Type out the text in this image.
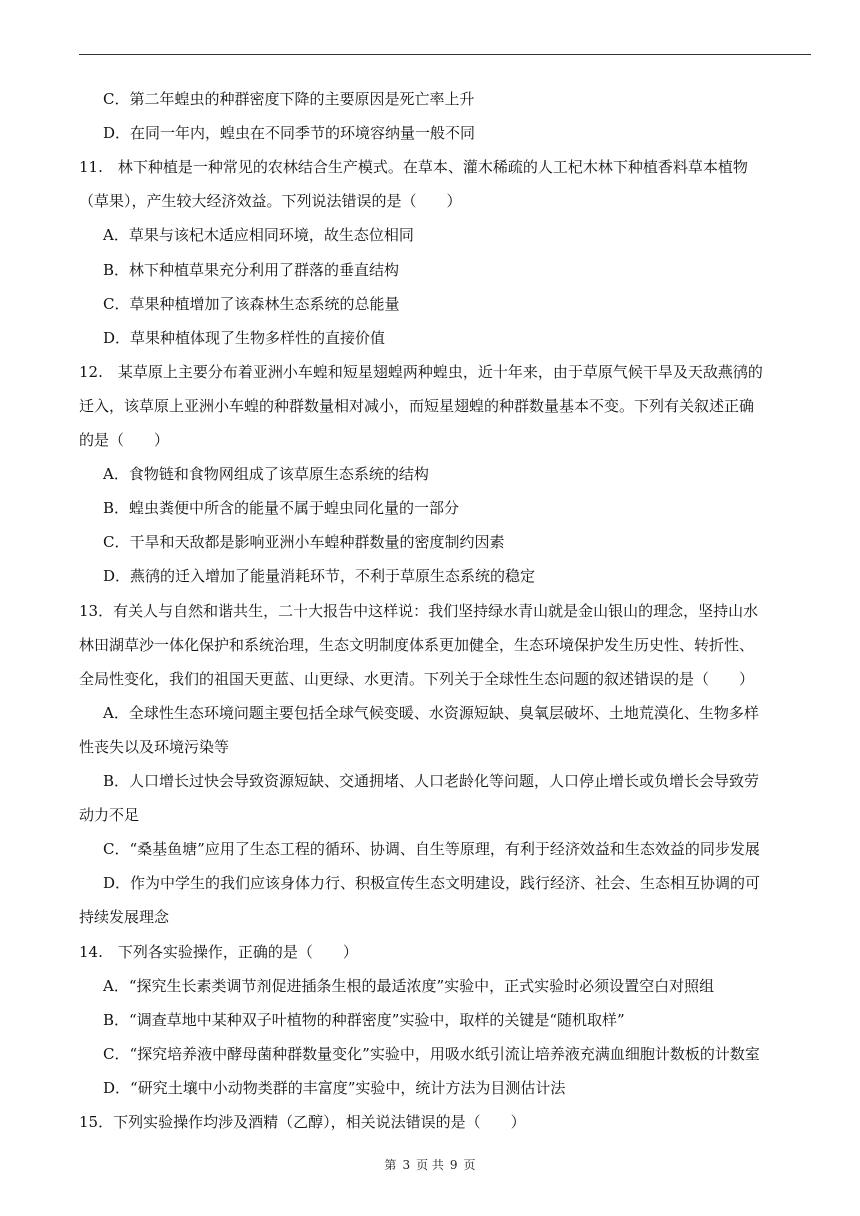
C．第二年蝗虫的种群密度下降的主要原因是死亡率上升
D．在同一年内，蝗虫在不同季节的环境容纳量一般不同
11.　林下种植是一种常见的农林结合生产模式。在草本、灌木稀疏的人工杞木林下种植香料草本植物
（草果），产生较大经济效益。下列说法错误的是（　　）
A．草果与该杞木适应相同环境，故生态位相同
B．林下种植草果充分利用了群落的垂直结构
C．草果种植增加了该森林生态系统的总能量
D．草果种植体现了生物多样性的直接价值
12.　某草原上主要分布着亚洲小车蝗和短星翅蝗两种蝗虫，近十年来，由于草原气候干旱及天敌燕鸻的
迁入，该草原上亚洲小车蝗的种群数量相对减小，而短星翅蝗的种群数量基本不变。下列有关叙述正确
的是（　　）
A．食物链和食物网组成了该草原生态系统的结构
B．蝗虫粪便中所含的能量不属于蝗虫同化量的一部分
C．干旱和天敌都是影响亚洲小车蝗种群数量的密度制约因素
D．燕鸻的迁入增加了能量消耗环节，不利于草原生态系统的稳定
13．有关人与自然和谐共生，二十大报告中这样说：我们坚持绿水青山就是金山银山的理念，坚持山水
林田湖草沙一体化保护和系统治理，生态文明制度体系更加健全，生态环境保护发生历史性、转折性、
全局性变化，我们的祖国天更蓝、山更绿、水更清。下列关于全球性生态问题的叙述错误的是（　　）
A．全球性生态环境问题主要包括全球气候变暖、水资源短缺、臭氧层破坏、土地荒漠化、生物多样
性丧失以及环境污染等
B．人口增长过快会导致资源短缺、交通拥堵、人口老龄化等问题，人口停止增长或负增长会导致劳
动力不足
C．“桑基鱼塘”应用了生态工程的循环、协调、自生等原理，有利于经济效益和生态效益的同步发展
D．作为中学生的我们应该身体力行、积极宣传生态文明建设，践行经济、社会、生态相互协调的可
持续发展理念
14.　下列各实验操作，正确的是（　　）
A．“探究生长素类调节剂促进插条生根的最适浓度”实验中，正式实验时必须设置空白对照组
B．“调查草地中某种双子叶植物的种群密度”实验中，取样的关键是“随机取样”
C．“探究培养液中酵母菌种群数量变化”实验中，用吸水纸引流让培养液充满血细胞计数板的计数室
D．“研究土壤中小动物类群的丰富度”实验中，统计方法为目测估计法
15．下列实验操作均涉及酒精（乙醇），相关说法错误的是（　　）
第 3 页 共 9 页
